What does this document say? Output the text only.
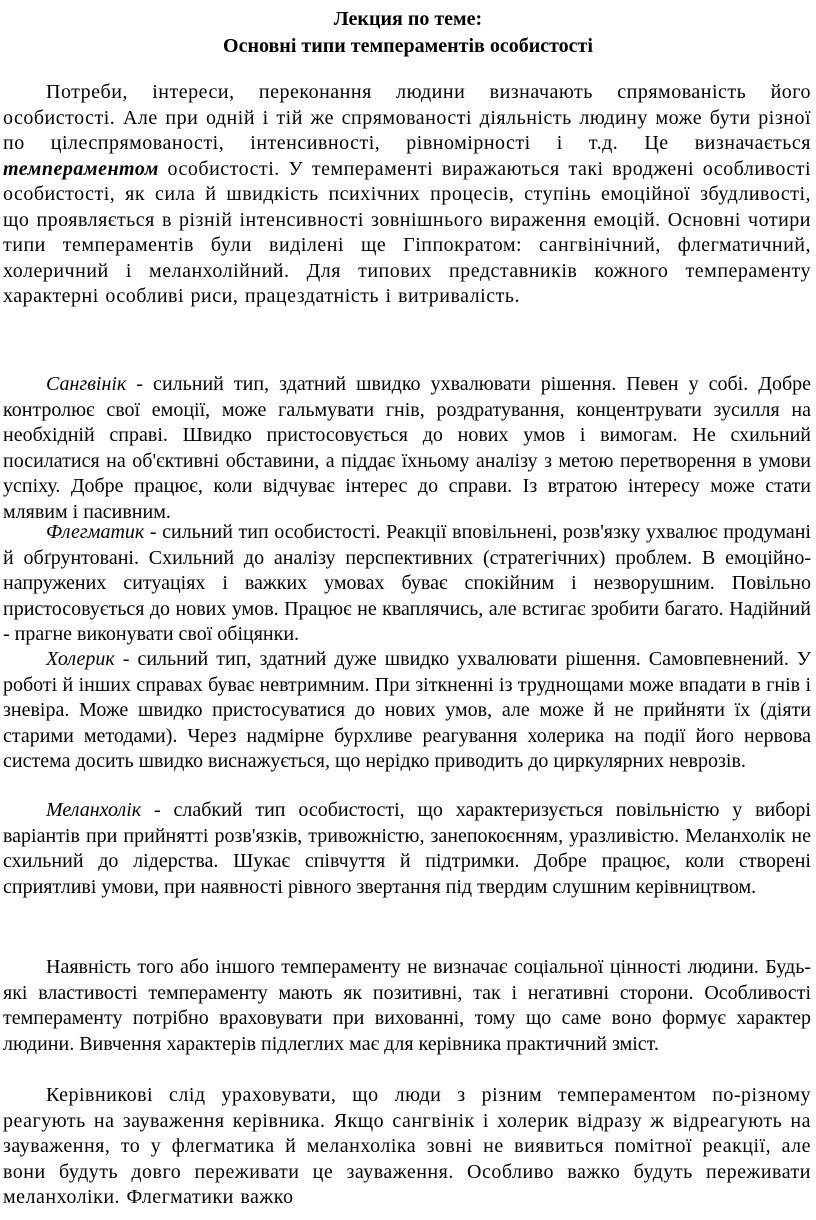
Лекция по теме:
Основні типи темпераментів особистості

Потреби, інтереси, переконання людини визначають спрямованість його особистості. Але при одній і тій же спрямованості діяльність людину може бути різної по цілеспрямованості, інтенсивності, рівномірності і т.д. Це визначається темпераментом особистості. У темпераменті виражаються такі вроджені особливості особистості, як сила й швидкість психічних процесів, ступінь емоційної збудливості, що проявляється в різній інтенсивності зовнішнього вираження емоцій. Основні чотири типи темпераментів були виділені ще Гіппократом: сангвінічний, флегматичний, холеричний і меланхолійний. Для типових представників кожного темпераменту характерні особливі риси, працездатність і витривалість.

Сангвінік - сильний тип, здатний швидко ухвалювати рішення. Певен у собі. Добре контролює свої емоції, може гальмувати гнів, роздратування, концентрувати зусилля на необхідній справі. Швидко пристосовується до нових умов і вимогам. Не схильний посилатися на об'єктивні обставини, а піддає їхньому аналізу з метою перетворення в умови успіху. Добре працює, коли відчуває інтерес до справи. Із втратою інтересу може стати млявим і пасивним.

Флегматик - сильний тип особистості. Реакції вповільнені, розв'язку ухвалює продумані й обґрунтовані. Схильний до аналізу перспективних (стратегічних) проблем. В емоційно-напружених ситуаціях і важких умовах буває спокійним і незворушним. Повільно пристосовується до нових умов. Працює не кваплячись, але встигає зробити багато. Надійний - прагне виконувати свої обіцянки.

Холерик - сильний тип, здатний дуже швидко ухвалювати рішення. Самовпевнений. У роботі й інших справах буває невтримним. При зіткненні із труднощами може впадати в гнів і зневіра. Може швидко пристосуватися до нових умов, але може й не прийняти їх (діяти старими методами). Через надмірне бурхливе реагування холерика на події його нервова система досить швидко виснажується, що нерідко приводить до циркулярних неврозів.

Меланхолік - слабкий тип особистості, що характеризується повільністю у виборі варіантів при прийнятті розв'язків, тривожністю, занепокоєнням, уразливістю. Меланхолік не схильний до лідерства. Шукає співчуття й підтримки. Добре працює, коли створені сприятливі умови, при наявності рівного звертання під твердим слушним керівництвом.

Наявність того або іншого темпераменту не визначає соціальної цінності людини. Будь-які властивості темпераменту мають як позитивні, так і негативні сторони. Особливості темпераменту потрібно враховувати при вихованні, тому що саме воно формує характер людини. Вивчення характерів підлеглих має для керівника практичний зміст.

Керівникові слід ураховувати, що люди з різним темпераментом по-різному реагують на зауваження керівника. Якщо сангвінік і холерик відразу ж відреагують на зауваження, то у флегматика й меланхоліка зовні не виявиться помітної реакції, але вони будуть довго переживати це зауваження. Особливо важко будуть переживати меланхоліки. Флегматики важко
